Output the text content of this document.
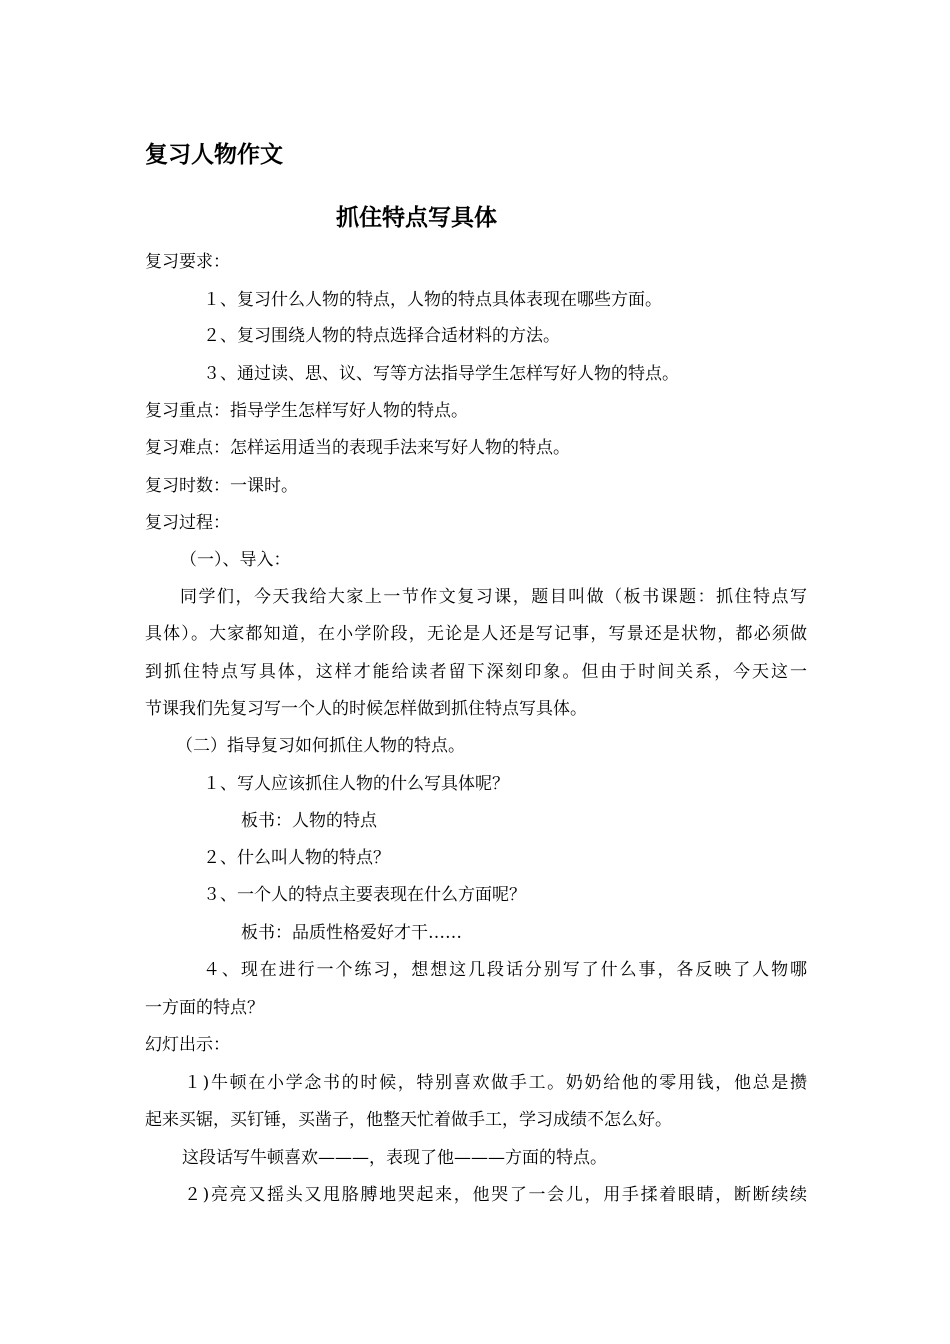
复习人物作文
抓住特点写具体
复习要求：
１、复习什么人物的特点，人物的特点具体表现在哪些方面。
２、复习围绕人物的特点选择合适材料的方法。
３、通过读、思、议、写等方法指导学生怎样写好人物的特点。
复习重点：指导学生怎样写好人物的特点。
复习难点：怎样运用适当的表现手法来写好人物的特点。
复习时数：一课时。
复习过程：
（一）、导入：
同学们，今天我给大家上一节作文复习课，题目叫做（板书课题：抓住特点写
具体）。大家都知道，在小学阶段，无论是人还是写记事，写景还是状物，都必须做
到抓住特点写具体，这样才能给读者留下深刻印象。但由于时间关系，今天这一
节课我们先复习写一个人的时候怎样做到抓住特点写具体。
（二）指导复习如何抓住人物的特点。
１、写人应该抓住人物的什么写具体呢？
板书：人物的特点
２、什么叫人物的特点？
３、一个人的特点主要表现在什么方面呢？
板书：品质性格爱好才干……
４、现在进行一个练习，想想这几段话分别写了什么事，各反映了人物哪
一方面的特点？
幻灯出示：
１)牛顿在小学念书的时候，特别喜欢做手工。奶奶给他的零用钱，他总是攒
起来买锯，买钉锤，买凿子，他整天忙着做手工，学习成绩不怎么好。
这段话写牛顿喜欢———，表现了他———方面的特点。
２)亮亮又摇头又甩胳膊地哭起来，他哭了一会儿，用手揉着眼睛，断断续续
